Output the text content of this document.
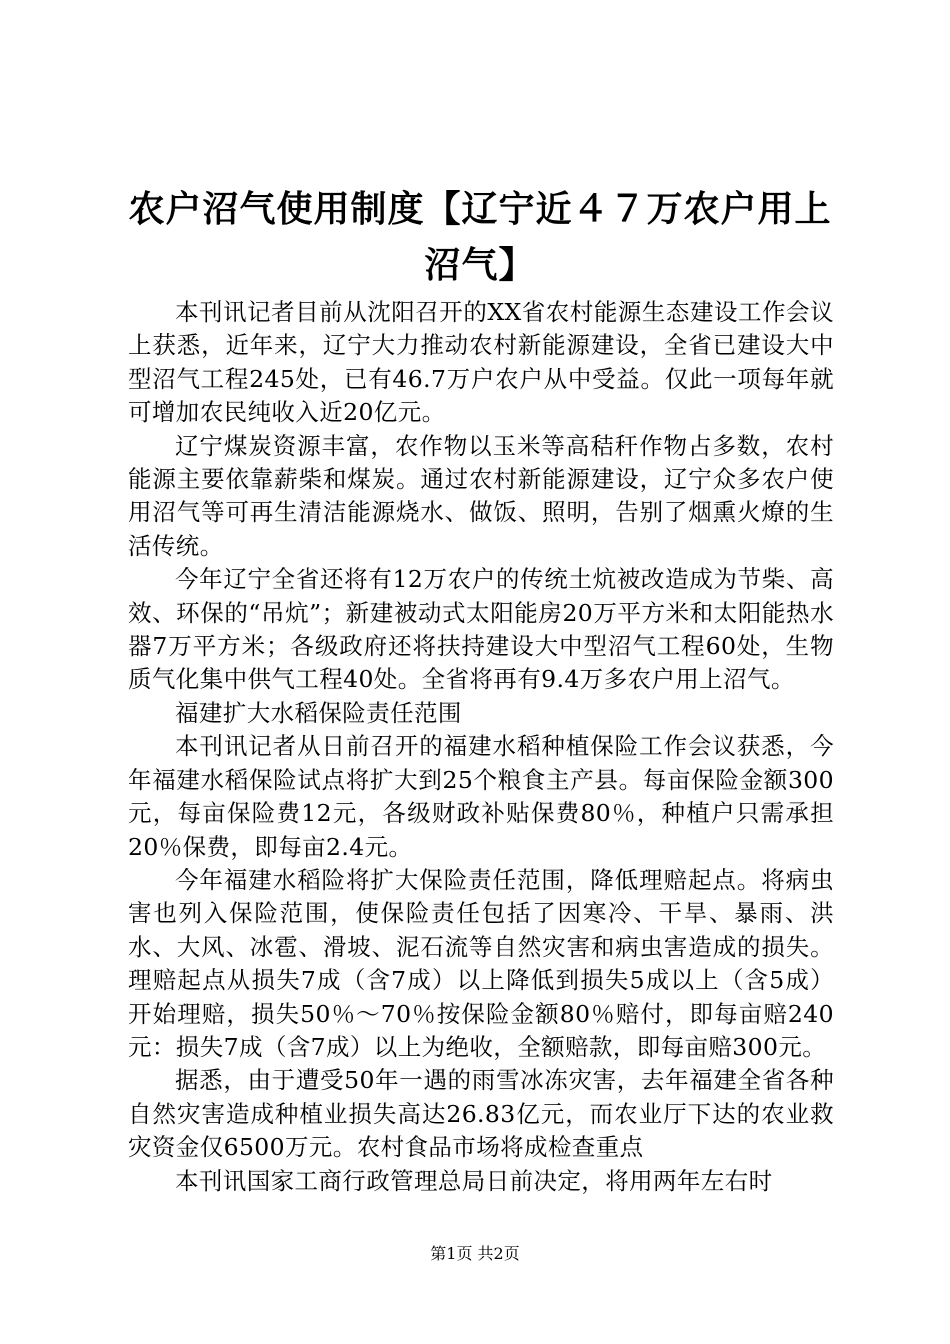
农户沼气使用制度【辽宁近４７万农户用上沼气】

本刊讯记者目前从沈阳召开的XX省农村能源生态建设工作会议上获悉，近年来，辽宁大力推动农村新能源建设，全省已建设大中型沼气工程245处，已有46.7万户农户从中受益。仅此一项每年就可增加农民纯收入近20亿元。

辽宁煤炭资源丰富，农作物以玉米等高秸秆作物占多数，农村能源主要依靠薪柴和煤炭。通过农村新能源建设，辽宁众多农户使用沼气等可再生清洁能源烧水、做饭、照明，告别了烟熏火燎的生活传统。

今年辽宁全省还将有12万农户的传统土炕被改造成为节柴、高效、环保的“吊炕”；新建被动式太阳能房20万平方米和太阳能热水器7万平方米；各级政府还将扶持建设大中型沼气工程60处，生物质气化集中供气工程40处。全省将再有9.4万多农户用上沼气。

福建扩大水稻保险责任范围

本刊讯记者从日前召开的福建水稻种植保险工作会议获悉，今年福建水稻保险试点将扩大到25个粮食主产县。每亩保险金额300元，每亩保险费12元，各级财政补贴保费80％，种植户只需承担20％保费，即每亩2.4元。

今年福建水稻险将扩大保险责任范围，降低理赔起点。将病虫害也列入保险范围，使保险责任包括了因寒冷、干旱、暴雨、洪水、大风、冰雹、滑坡、泥石流等自然灾害和病虫害造成的损失。理赔起点从损失7成（含7成）以上降低到损失5成以上（含5成）开始理赔，损失50％～70％按保险金额80％赔付，即每亩赔240元：损失7成（含7成）以上为绝收，全额赔款，即每亩赔300元。

据悉，由于遭受50年一遇的雨雪冰冻灾害，去年福建全省各种自然灾害造成种植业损失高达26.83亿元，而农业厅下达的农业救灾资金仅6500万元。农村食品市场将成检查重点

本刊讯国家工商行政管理总局日前决定，将用两年左右时

第1页 共2页
